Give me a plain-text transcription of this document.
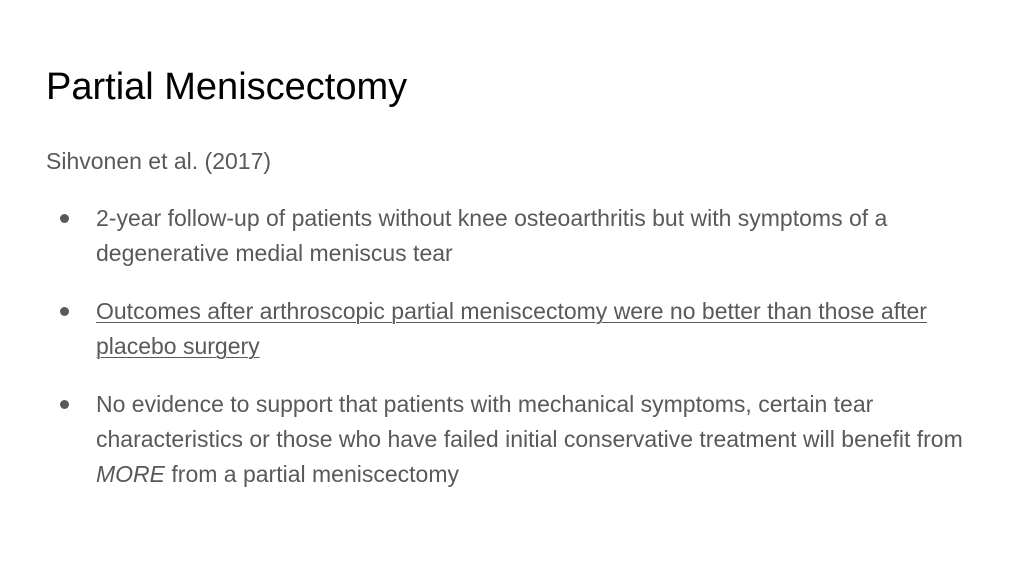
Partial Meniscectomy

Sihvonen et al. (2017)

2-year follow-up of patients without knee osteoarthritis but with symptoms of a degenerative medial meniscus tear
Outcomes after arthroscopic partial meniscectomy were no better than those after placebo surgery
No evidence to support that patients with mechanical symptoms, certain tear characteristics or those who have failed initial conservative treatment will benefit from MORE from a partial meniscectomy
